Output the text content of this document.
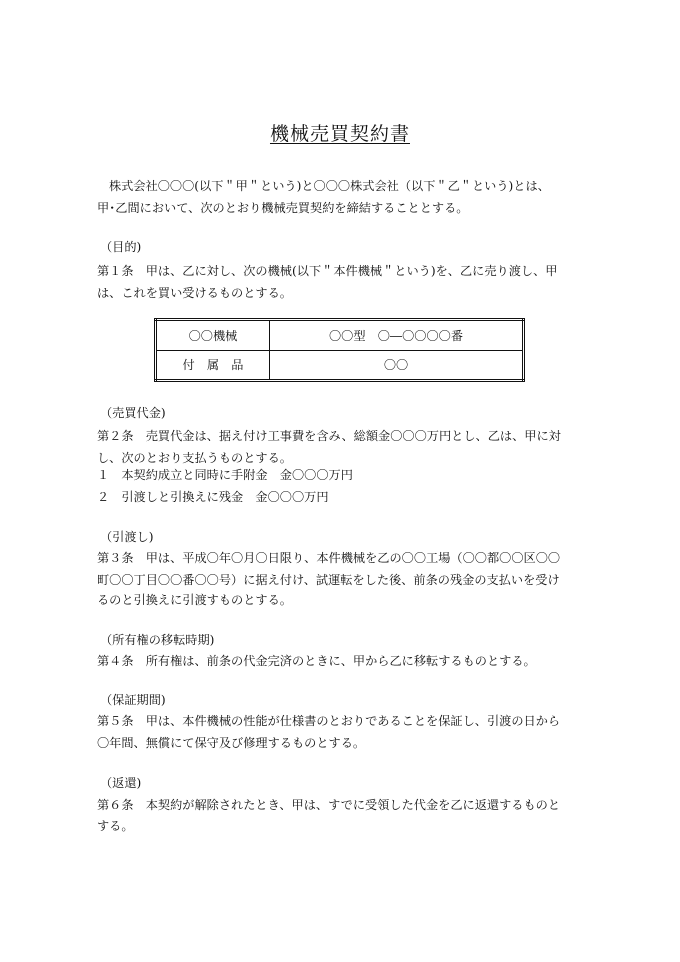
機械売買契約書
株式会社〇〇〇(以下＂甲＂という)と〇〇〇株式会社（以下＂乙＂という)とは、
甲･乙間において、次のとおり機械売買契約を締結することとする。
（目的)
第１条　甲は、乙に対し、次の機械(以下＂本件機械＂という)を、乙に売り渡し、甲
は、これを買い受けるものとする。
〇〇機械	〇〇型　〇―〇〇〇〇番
付　属　品	〇〇
（売買代金)
第２条　売買代金は、据え付け工事費を含み、総額金〇〇〇万円とし、乙は、甲に対
し、次のとおり支払うものとする。
１　本契約成立と同時に手附金　金〇〇〇万円
２　引渡しと引換えに残金　金〇〇〇万円
（引渡し)
第３条　甲は、平成〇年〇月〇日限り、本件機械を乙の〇〇工場（〇〇都〇〇区〇〇
町〇〇丁目〇〇番〇〇号）に据え付け、試運転をした後、前条の残金の支払いを受け
るのと引換えに引渡すものとする。
（所有権の移転時期)
第４条　所有権は、前条の代金完済のときに、甲から乙に移転するものとする。
（保証期間)
第５条　甲は、本件機械の性能が仕様書のとおりであることを保証し、引渡の日から
〇年間、無償にて保守及び修理するものとする。
（返還)
第６条　本契約が解除されたとき、甲は、すでに受領した代金を乙に返還するものと
する。
